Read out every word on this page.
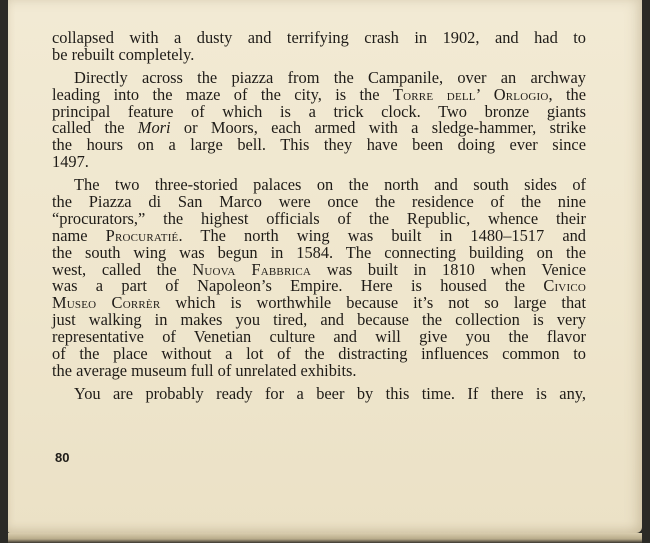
collapsed with a dusty and terrifying crash in 1902, and had to
be rebuilt completely.
Directly across the piazza from the Campanile, over an archway
leading into the maze of the city, is the Torre dell’ Orlogio, the
principal feature of which is a trick clock. Two bronze giants
called the Mori or Moors, each armed with a sledge-hammer, strike
the hours on a large bell. This they have been doing ever since
1497.
The two three-storied palaces on the north and south sides of
the Piazza di San Marco were once the residence of the nine
“procurators,” the highest officials of the Republic, whence their
name Procuratié. The north wing was built in 1480–1517 and
the south wing was begun in 1584. The connecting building on the
west, called the Nuova Fabbrica was built in 1810 when Venice
was a part of Napoleon’s Empire. Here is housed the Civico
Museo Corrèr which is worthwhile because it’s not so large that
just walking in makes you tired, and because the collection is very
representative of Venetian culture and will give you the flavor
of the place without a lot of the distracting influences common to
the average museum full of unrelated exhibits.
You are probably ready for a beer by this time. If there is any,
80
